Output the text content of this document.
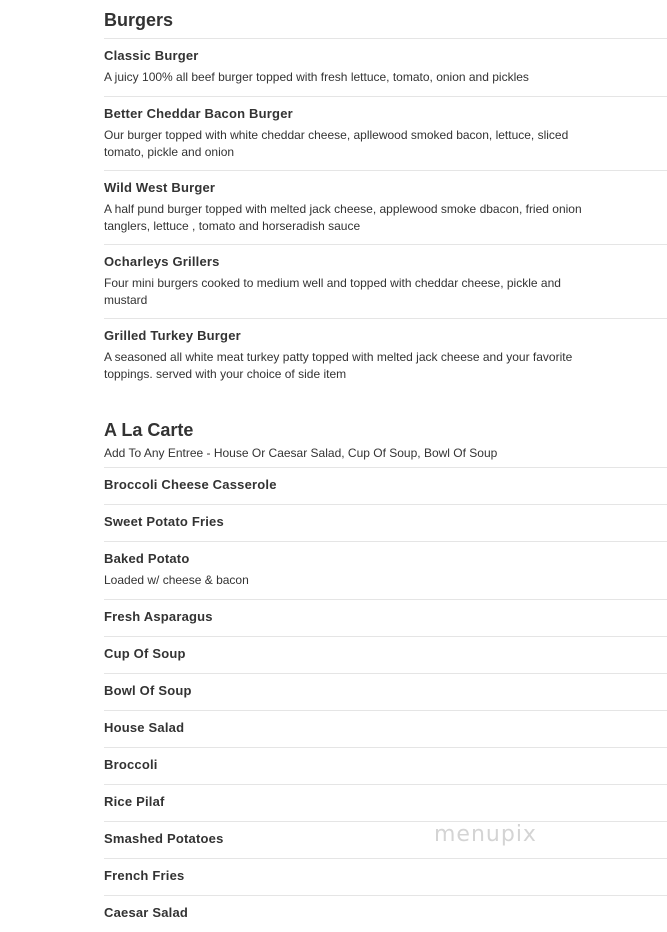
Burgers
Classic Burger
A juicy 100% all beef burger topped with fresh lettuce, tomato, onion and pickles
Better Cheddar Bacon Burger
Our burger topped with white cheddar cheese, apllewood smoked bacon, lettuce, sliced tomato, pickle and onion
Wild West Burger
A half pund burger topped with melted jack cheese, applewood smoke dbacon, fried onion tanglers, lettuce , tomato and horseradish sauce
Ocharleys Grillers
Four mini burgers cooked to medium well and topped with cheddar cheese, pickle and mustard
Grilled Turkey Burger
A seasoned all white meat turkey patty topped with melted jack cheese and your favorite toppings. served with your choice of side item
A La Carte
Add To Any Entree - House Or Caesar Salad, Cup Of Soup, Bowl Of Soup
Broccoli Cheese Casserole
Sweet Potato Fries
Baked Potato
Loaded w/ cheese & bacon
Fresh Asparagus
Cup Of Soup
Bowl Of Soup
House Salad
Broccoli
Rice Pilaf
Smashed Potatoes
French Fries
Caesar Salad
menupix
